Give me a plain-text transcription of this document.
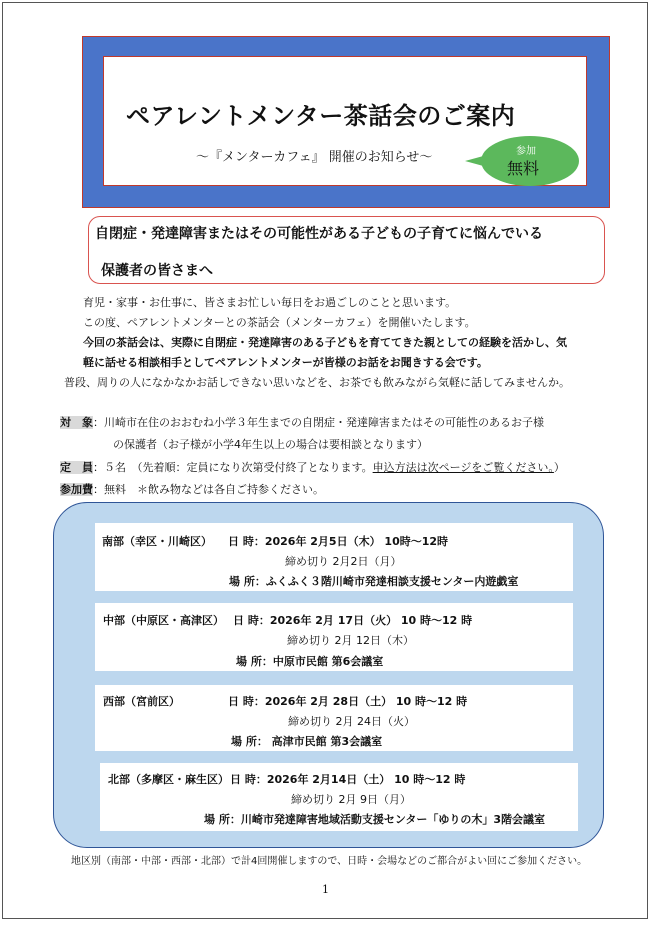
ペアレントメンター茶話会のご案内
～『メンターカフェ』 開催のお知らせ～	参加
無料
自閉症・発達障害またはその可能性がある子どもの子育てに悩んでいる
保護者の皆さまへ
育児・家事・お仕事に、皆さまお忙しい毎日をお過ごしのことと思います。
この度、ペアレントメンターとの茶話会（メンターカフェ）を開催いたします。
今回の茶話会は、実際に自閉症・発達障害のある子どもを育ててきた親としての経験を活かし、気
軽に話せる相談相手としてペアレントメンターが皆様のお話をお聞きする会です。
普段、周りの人になかなかお話しできない思いなどを、お茶でも飲みながら気軽に話してみませんか。
対　象：川崎市在住のおおむね小学３年生までの自閉症・発達障害またはその可能性のあるお子様
の保護者（お子様が小学4年生以上の場合は要相談となります）
定　員：５名　（先着順：定員になり次第受付終了となります。申込方法は次ページをご覧ください。）
参加費：無料　＊飲み物などは各自ご持参ください。
南部（幸区・川崎区） 日 時：2026年 2月5日（木） 10時～12時
締め切り 2月2日（月）
場 所：ふくふく３階川崎市発達相談支援センター内遊戯室
中部（中原区・高津区） 日 時：2026年 2月 17日（火） 10 時～12 時
締め切り 2月 12日（木）
場 所：中原市民館 第6会議室
西部（宮前区）	日 時：2026年 2月 28日（土） 10 時～12 時
締め切り 2月 24日（火）
場 所： 高津市民館 第3会議室
北部（多摩区・麻生区） 日 時：2026年 2月14日（土） 10 時～12 時
締め切り 2月 9日（月）
場 所：川崎市発達障害地域活動支援センター「ゆりの木」3階会議室
地区別（南部・中部・西部・北部）で計4回開催しますので、日時・会場などのご都合がよい回にご参加ください。
1
